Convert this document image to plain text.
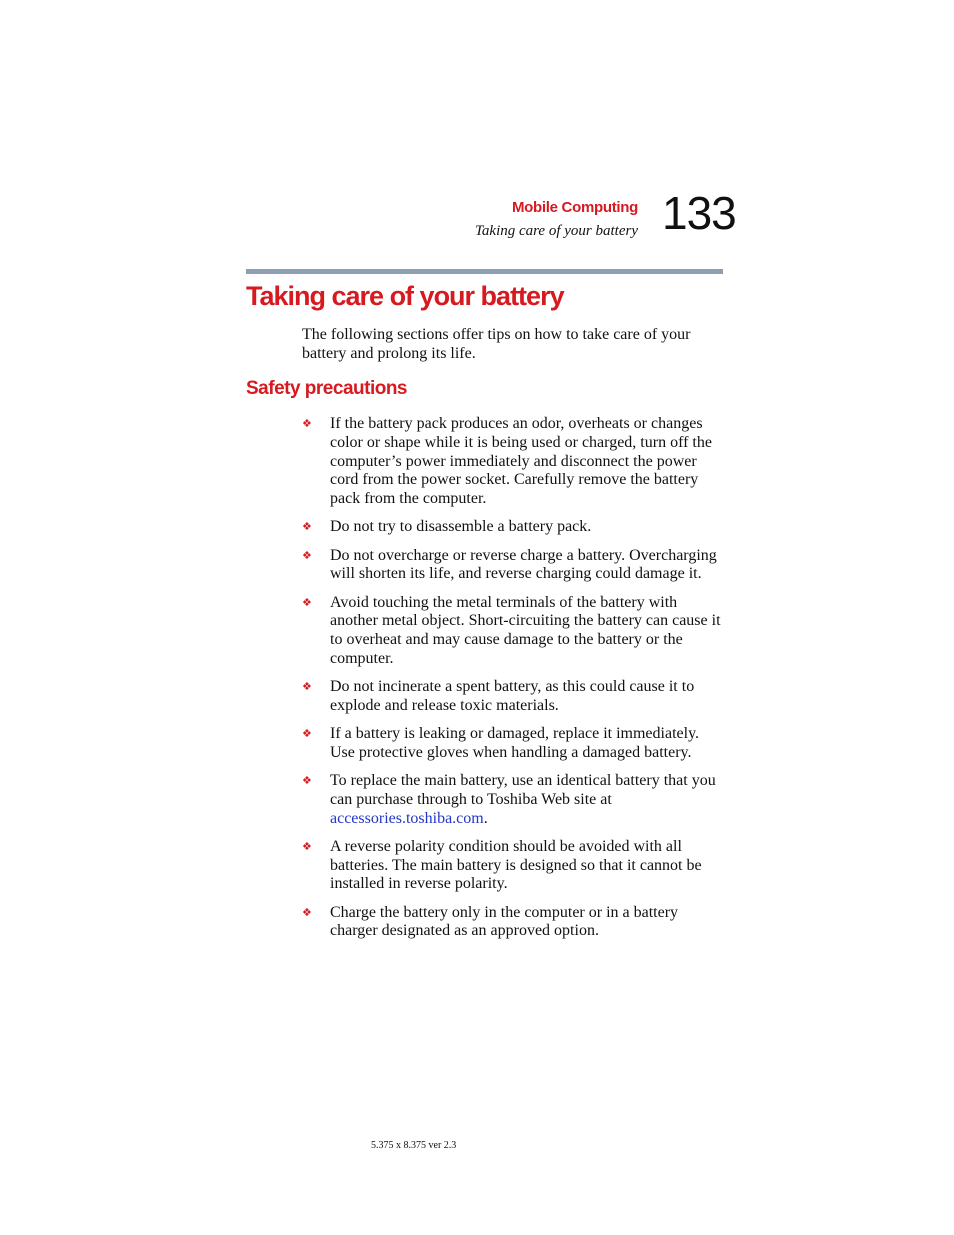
Mobile Computing
Taking care of your battery 133
Taking care of your battery

The following sections offer tips on how to take care of your battery and prolong its life.

Safety precautions
❖ If the battery pack produces an odor, overheats or changes color or shape while it is being used or charged, turn off the computer’s power immediately and disconnect the power cord from the power socket. Carefully remove the battery pack from the computer.
❖ Do not try to disassemble a battery pack.
❖ Do not overcharge or reverse charge a battery. Overcharging will shorten its life, and reverse charging could damage it.
❖ Avoid touching the metal terminals of the battery with another metal object. Short-circuiting the battery can cause it to overheat and may cause damage to the battery or the computer.
❖ Do not incinerate a spent battery, as this could cause it to explode and release toxic materials.
❖ If a battery is leaking or damaged, replace it immediately. Use protective gloves when handling a damaged battery.
❖ To replace the main battery, use an identical battery that you can purchase through to Toshiba Web site at accessories.toshiba.com.
❖ A reverse polarity condition should be avoided with all batteries. The main battery is designed so that it cannot be installed in reverse polarity.
❖ Charge the battery only in the computer or in a battery charger designated as an approved option.
5.375 x 8.375 ver 2.3
